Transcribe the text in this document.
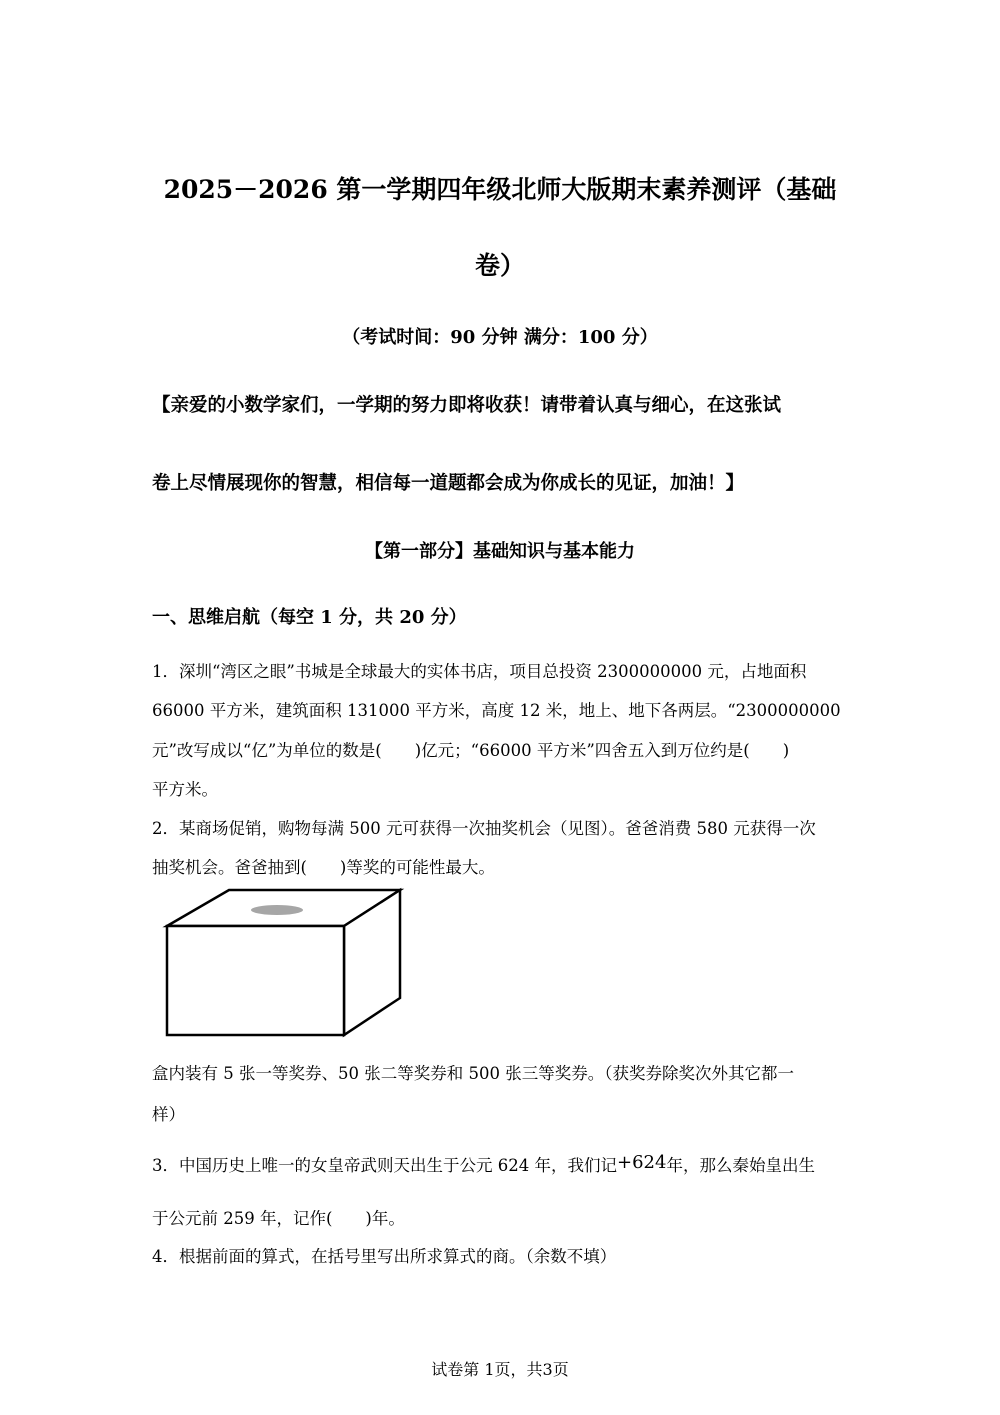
2025－2026 第一学期四年级北师大版期末素养测评（基础
卷）
（考试时间：90 分钟 满分：100 分）
【亲爱的小数学家们，一学期的努力即将收获！请带着认真与细心，在这张试
卷上尽情展现你的智慧，相信每一道题都会成为你成长的见证，加油！】
【第一部分】基础知识与基本能力
一、思维启航（每空 1 分，共 20 分）
1．深圳“湾区之眼”书城是全球最大的实体书店，项目总投资 2300000000 元，占地面积
66000 平方米，建筑面积 131000 平方米，高度 12 米，地上、地下各两层。“2300000000
元”改写成以“亿”为单位的数是(　　)亿元；“66000 平方米”四舍五入到万位约是(　　)
平方米。
2．某商场促销，购物每满 500 元可获得一次抽奖机会（见图）。爸爸消费 580 元获得一次
抽奖机会。爸爸抽到(　　)等奖的可能性最大。
盒内装有 5 张一等奖券、50 张二等奖券和 500 张三等奖券。（获奖券除奖次外其它都一
样）
3．中国历史上唯一的女皇帝武则天出生于公元 624 年，我们记+624年，那么秦始皇出生
于公元前 259 年，记作(　　)年。
4．根据前面的算式，在括号里写出所求算式的商。（余数不填）
试卷第 1页，共3页
